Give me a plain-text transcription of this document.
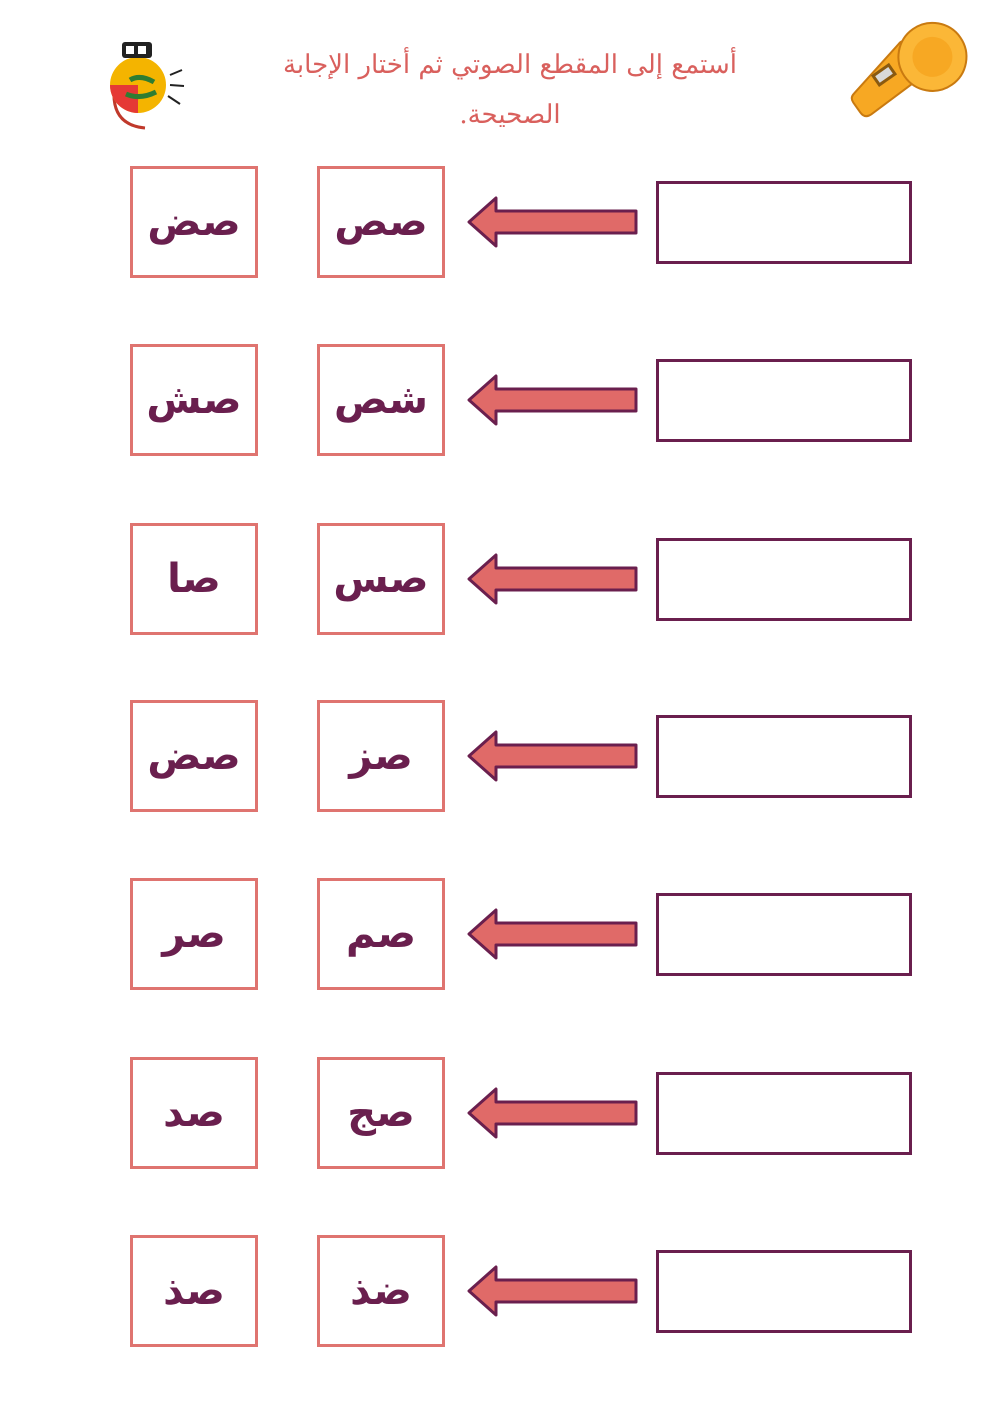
أستمع إلى المقطع الصوتي ثم أختار الإجابة الصحيحة.
صض صص
صش شص
صا	صس
صض	صز
صر	صم
صد	صج
صذ	ضذ
